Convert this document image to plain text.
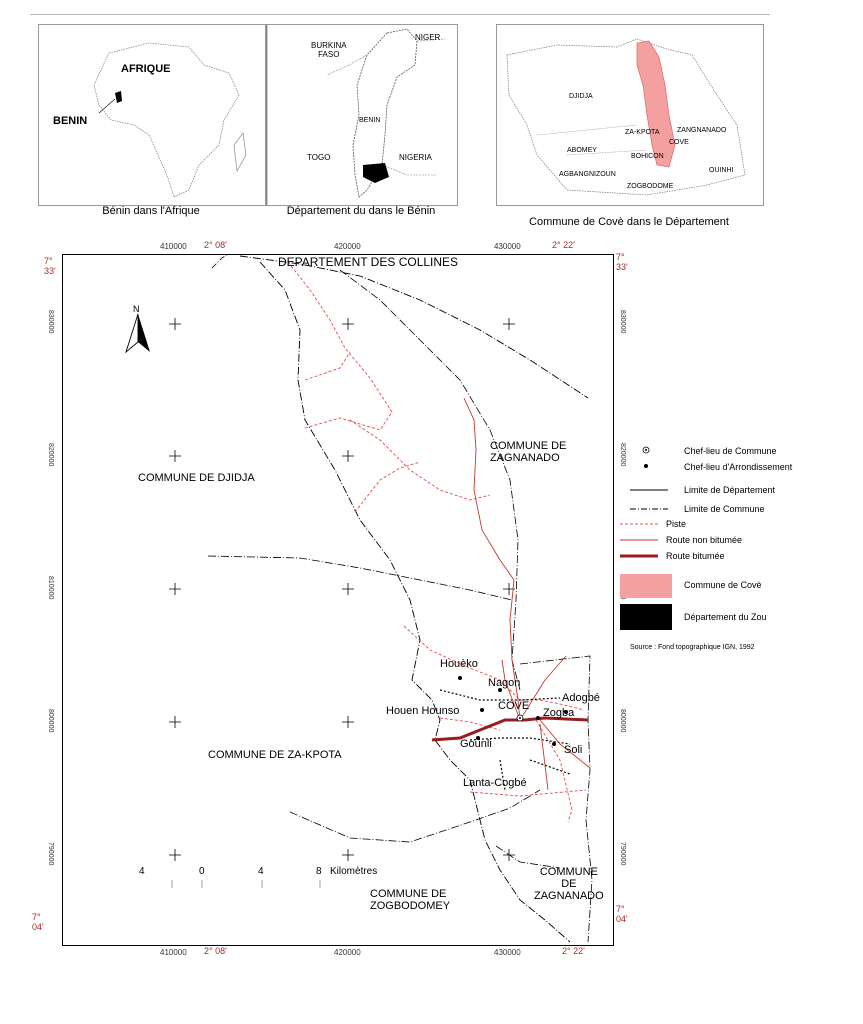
AFRIQUE
BENIN
Bénin dans l'Afrique
BURKINA
FASO
NIGER
BENIN
TOGO	NIGERIA
Département du dans le Bénin
DJIDJA
ZA-KPOTA	ZANGNANADO
ABOMEY
BOHICON
COVE
AGBANGNIZOUN
ZOGBODOME
OUINHI
Commune de Covè dans le Département
410000 2° 08'	420000	430000	2° 22'
410000 2° 08'	420000	430000	2° 22'
7°
33'
7°
33'
7°
04'
7°
04'
830000
820000
810000
800000
790000
830000
820000
800000
790000
N
DEPARTEMENT DES COLLINES
COMMUNE DE DJIDJA
COMMUNE DE
ZAGNANADO
COMMUNE DE ZA-KPOTA
COMMUNE DE
ZOGBODOMEY
COMMUNE
DE
ZAGNANADO
Houèko
Nagon
Adogbé
Houen Hounso	COVE
Zogba
Gounli	Soli
Lanta-Cogbé
4	0	4	8 Kilomètres
Chef-lieu de Commune
Chef-lieu d'Arrondissement
Limite de Département
Limite de Commune
Piste
Route non bitumée
Route bitumée
Commune de Covè
Département du Zou
Source : Fond topographique IGN, 1992
